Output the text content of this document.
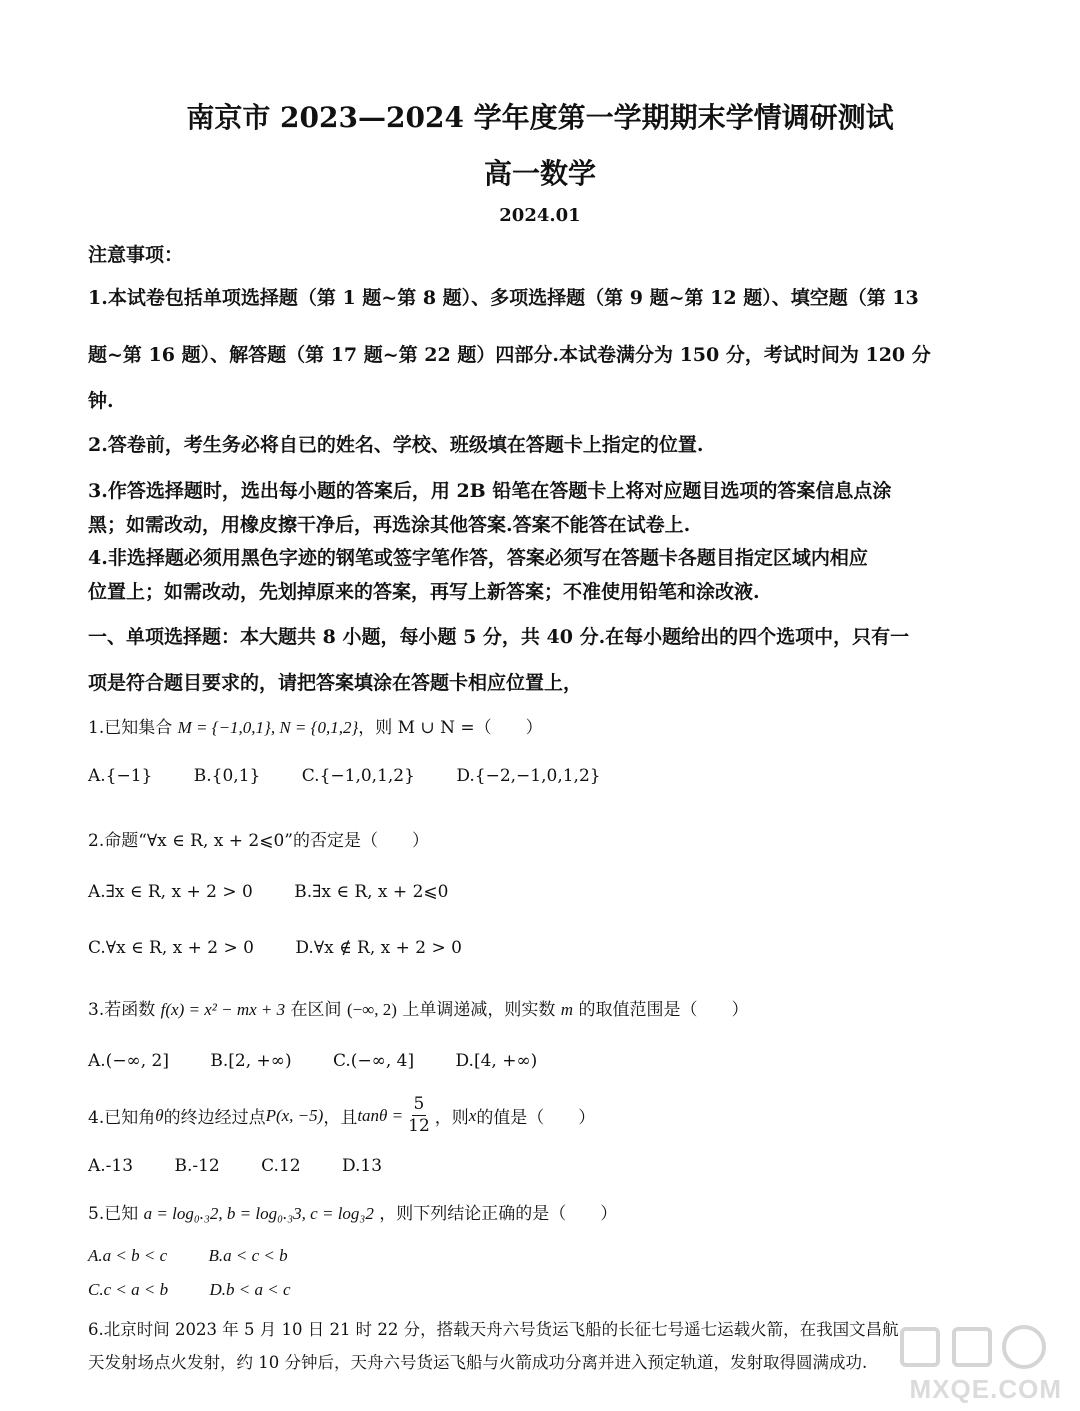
南京市 2023—2024 学年度第一学期期末学情调研测试
高一数学
2024.01
注意事项：
1.本试卷包括单项选择题（第 1 题~第 8 题）、多项选择题（第 9 题~第 12 题）、填空题（第 13
题~第 16 题）、解答题（第 17 题~第 22 题）四部分.本试卷满分为 150 分，考试时间为 120 分
钟.
2.答卷前，考生务必将自已的姓名、学校、班级填在答题卡上指定的位置.
3.作答选择题时，选出每小题的答案后，用 2B 铅笔在答题卡上将对应题目选项的答案信息点涂
黑；如需改动，用橡皮擦干净后，再选涂其他答案.答案不能答在试卷上.
4.非选择题必须用黑色字迹的钢笔或签字笔作答，答案必须写在答题卡各题目指定区域内相应
位置上；如需改动，先划掉原来的答案，再写上新答案；不准使用铅笔和涂改液.
一、单项选择题：本大题共 8 小题，每小题 5 分，共 40 分.在每小题给出的四个选项中，只有一
项是符合题目要求的，请把答案填涂在答题卡相应位置上，
1.已知集合 M = {−1,0,1}, N = {0,1,2}，则 M ∪ N =（　　）
A.{−1} B.{0,1} C.{−1,0,1,2} D.{−2,−1,0,1,2}
2.命题“∀x ∈ R, x + 2⩽0”的否定是（　　）
A.∃x ∈ R, x + 2 > 0 B.∃x ∈ R, x + 2⩽0
C.∀x ∈ R, x + 2 > 0 D.∀x ∉ R, x + 2 > 0
3.若函数 f(x) = x² − mx + 3 在区间 (−∞, 2) 上单调递减，则实数 m 的取值范围是（　　）
A.(−∞, 2] B.[2, +∞) C.(−∞, 4] D.[4, +∞)
4.已知角 θ 的终边经过点 P(x, −5) ，且 $\tan\theta = \frac{5}{12}$ ，则 x 的值是（　　）
A.-13 B.-12 C.12 D.13
5.已知 a = log₀.₃2, b = log₀.₃3, c = log₃2 ，则下列结论正确的是（　　）
A.a < b < c B.a < c < b
C.c < a < b D.b < a < c
6.北京时间 2023 年 5 月 10 日 21 时 22 分，搭载天舟六号货运飞船的长征七号遥七运载火箭，在我国文昌航
天发射场点火发射，约 10 分钟后，天舟六号货运飞船与火箭成功分离并进入预定轨道，发射取得圆满成功.
MXQE.COM
